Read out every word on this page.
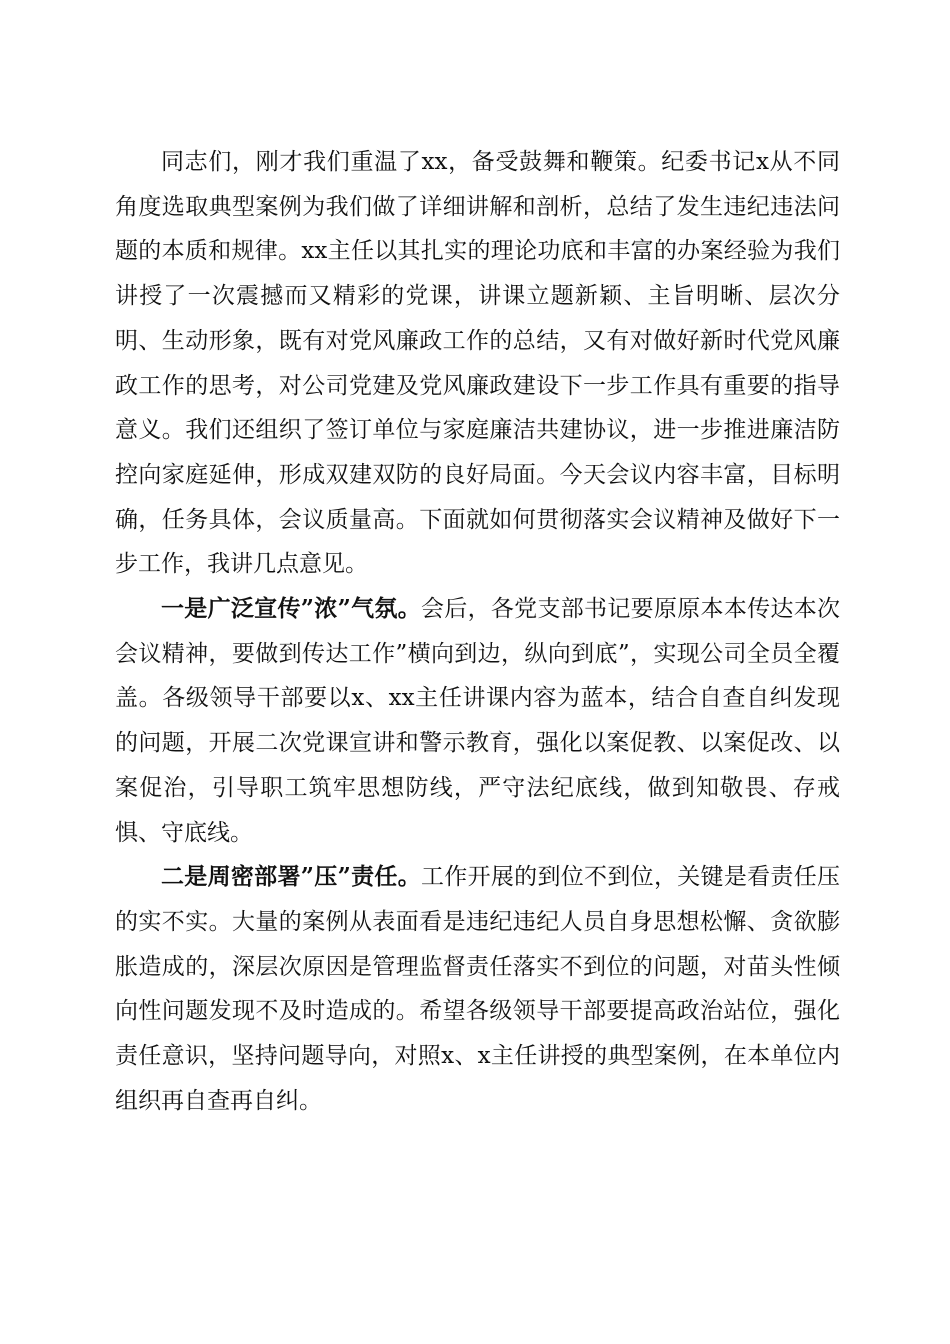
同志们，刚才我们重温了xx，备受鼓舞和鞭策。纪委书记x从不同角度选取典型案例为我们做了详细讲解和剖析，总结了发生违纪违法问题的本质和规律。xx主任以其扎实的理论功底和丰富的办案经验为我们讲授了一次震撼而又精彩的党课，讲课立题新颖、主旨明晰、层次分明、生动形象，既有对党风廉政工作的总结，又有对做好新时代党风廉政工作的思考，对公司党建及党风廉政建设下一步工作具有重要的指导意义。我们还组织了签订单位与家庭廉洁共建协议，进一步推进廉洁防控向家庭延伸，形成双建双防的良好局面。今天会议内容丰富，目标明确，任务具体，会议质量高。下面就如何贯彻落实会议精神及做好下一步工作，我讲几点意见。

一是广泛宣传”浓”气氛。会后，各党支部书记要原原本本传达本次会议精神，要做到传达工作”横向到边，纵向到底”，实现公司全员全覆盖。各级领导干部要以x、xx主任讲课内容为蓝本，结合自查自纠发现的问题，开展二次党课宣讲和警示教育，强化以案促教、以案促改、以案促治，引导职工筑牢思想防线，严守法纪底线，做到知敬畏、存戒惧、守底线。

二是周密部署”压”责任。工作开展的到位不到位，关键是看责任压的实不实。大量的案例从表面看是违纪违纪人员自身思想松懈、贪欲膨胀造成的，深层次原因是管理监督责任落实不到位的问题，对苗头性倾向性问题发现不及时造成的。希望各级领导干部要提高政治站位，强化责任意识，坚持问题导向，对照x、x主任讲授的典型案例，在本单位内组织再自查再自纠。
